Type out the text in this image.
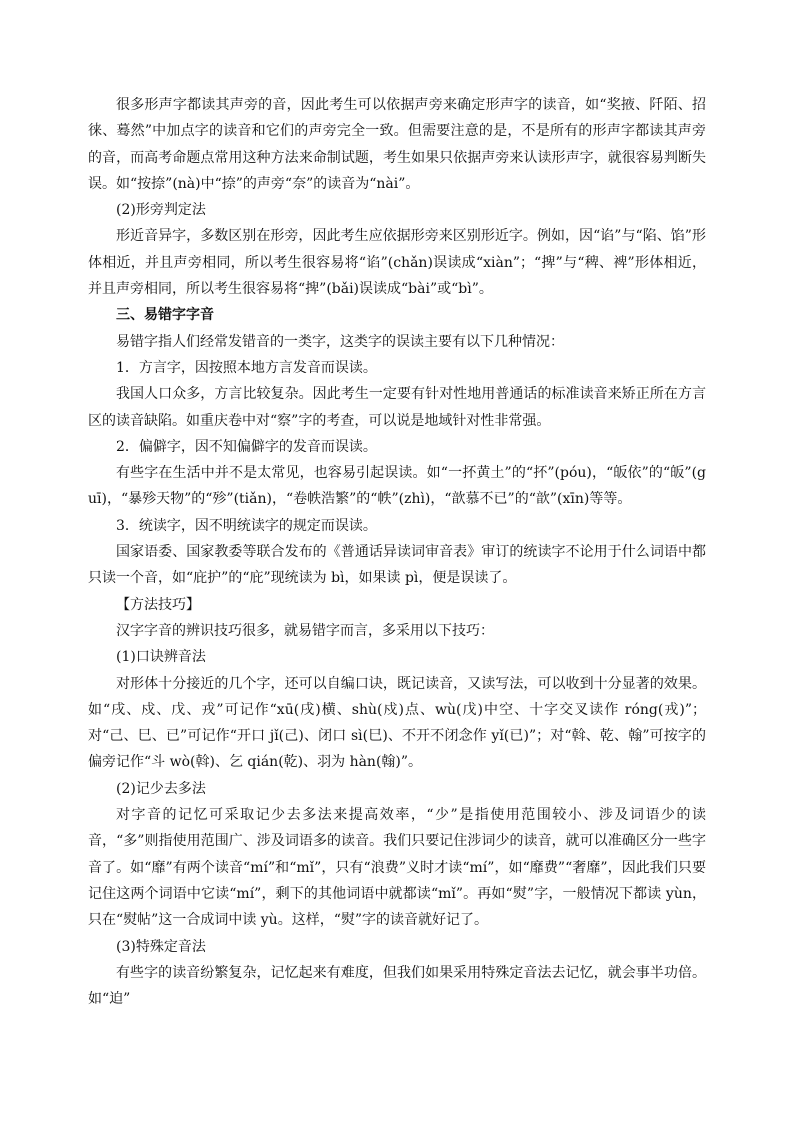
很多形声字都读其声旁的音，因此考生可以依据声旁来确定形声字的读音，如“奖掖、阡陌、招徕、蓦然”中加点字的读音和它们的声旁完全一致。但需要注意的是，不是所有的形声字都读其声旁的音，而高考命题点常用这种方法来命制试题，考生如果只依据声旁来认读形声字，就很容易判断失误。如“按捺”(nà)中“捺”的声旁“奈”的读音为“nài”。

(2)形旁判定法

形近音异字，多数区别在形旁，因此考生应依据形旁来区别形近字。例如，因“谄”与“陷、馅”形体相近，并且声旁相同，所以考生很容易将“谄”(chǎn)误读成“xiàn”；“捭”与“稗、裨”形体相近，并且声旁相同，所以考生很容易将“捭”(bǎi)误读成“bài”或“bì”。

三、易错字字音

易错字指人们经常发错音的一类字，这类字的误读主要有以下几种情况：

1．方言字，因按照本地方言发音而误读。

我国人口众多，方言比较复杂。因此考生一定要有针对性地用普通话的标准读音来矫正所在方言区的读音缺陷。如重庆卷中对“察”字的考查，可以说是地域针对性非常强。

2．偏僻字，因不知偏僻字的发音而误读。

有些字在生活中并不是太常见，也容易引起误读。如“一抔黄土”的“抔”(póu)，“皈依”的“皈”(guī)，“暴殄天物”的“殄”(tiǎn)，“卷帙浩繁”的“帙”(zhì)，“歆慕不已”的“歆”(xīn)等等。

3．统读字，因不明统读字的规定而误读。

国家语委、国家教委等联合发布的《普通话异读词审音表》审订的统读字不论用于什么词语中都只读一个音，如“庇护”的“庇”现统读为 bì，如果读 pì，便是误读了。

【方法技巧】

汉字字音的辨识技巧很多，就易错字而言，多采用以下技巧：

(1)口诀辨音法

对形体十分接近的几个字，还可以自编口诀，既记读音，又读写法，可以收到十分显著的效果。如“戌、戍、戊、戎”可记作“xū(戌)横、shù(戍)点、wù(戊)中空、十字交叉读作 róng(戎)”；对“己、巳、已”可记作“开口 jǐ(己)、闭口 sì(巳)、不开不闭念作 yǐ(已)”；对“斡、乾、翰”可按字的偏旁记作“斗 wò(斡)、乞 qián(乾)、羽为 hàn(翰)”。

(2)记少去多法

对字音的记忆可采取记少去多法来提高效率，“少”是指使用范围较小、涉及词语少的读音，“多”则指使用范围广、涉及词语多的读音。我们只要记住涉词少的读音，就可以准确区分一些字音了。如“靡”有两个读音“mí”和“mǐ”，只有“浪费”义时才读“mí”，如“靡费”“奢靡”，因此我们只要记住这两个词语中它读“mí”，剩下的其他词语中就都读“mǐ”。再如“熨”字，一般情况下都读 yùn，只在“熨帖”这一合成词中读 yù。这样，“熨”字的读音就好记了。

(3)特殊定音法

有些字的读音纷繁复杂，记忆起来有难度，但我们如果采用特殊定音法去记忆，就会事半功倍。如“迫”
